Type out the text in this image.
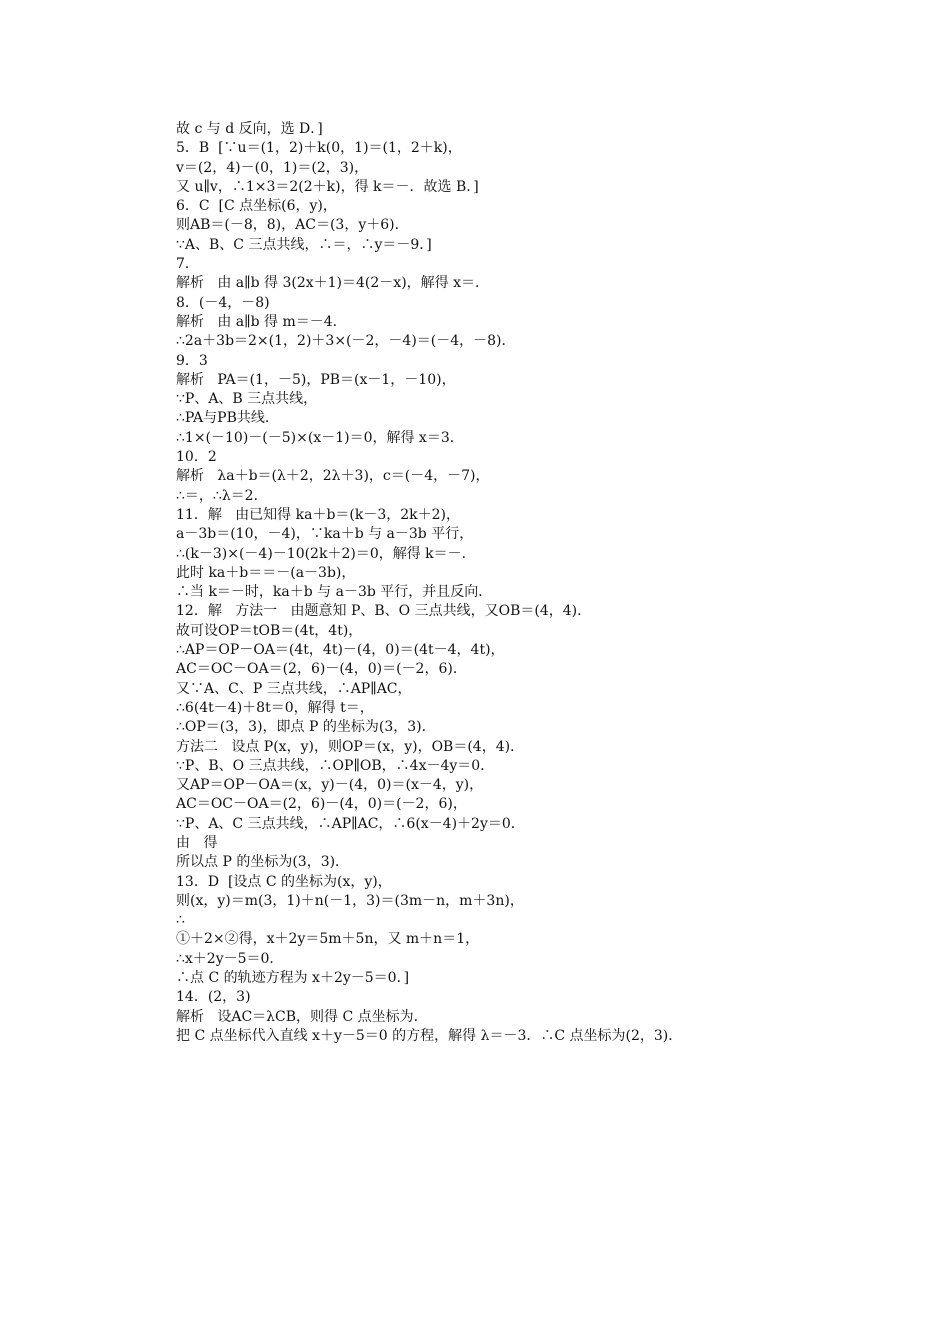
故 c 与 d 反向，选 D．]
5．B  [∵u＝(1，2)＋k(0，1)＝(1，2＋k)，
v＝(2，4)－(0，1)＝(2，3)，
又 u∥v，∴1×3＝2(2＋k)，得 k＝－．故选 B．]
6．C  [C 点坐标(6，y)，
则AB＝(－8，8)，AC＝(3，y＋6)．
∵A、B、C 三点共线，∴＝，∴y＝－9．]
7．
解析   由 a∥b 得 3(2x＋1)＝4(2－x)，解得 x＝．
8．(－4，－8)
解析   由 a∥b 得 m＝－4．
∴2a＋3b＝2×(1，2)＋3×(－2，－4)＝(－4，－8)．
9．3
解析   PA＝(1，－5)，PB＝(x－1，－10)，
∵P、A、B 三点共线，
∴PA与PB共线．
∴1×(－10)－(－5)×(x－1)＝0，解得 x＝3．
10．2
解析   λa＋b＝(λ＋2，2λ＋3)，c＝(－4，－7)，
∴＝，∴λ＝2．
11．解   由已知得 ka＋b＝(k－3，2k＋2)，
a－3b＝(10，－4)，∵ka＋b 与 a－3b 平行，
∴(k－3)×(－4)－10(2k＋2)＝0，解得 k＝－．
此时 ka＋b＝＝－(a－3b)，
∴当 k＝－时，ka＋b 与 a－3b 平行，并且反向．
12．解   方法一   由题意知 P、B、O 三点共线，又OB＝(4，4)．
故可设OP＝tOB＝(4t，4t)，
∴AP＝OP－OA＝(4t，4t)－(4，0)＝(4t－4，4t)，
AC＝OC－OA＝(2，6)－(4，0)＝(－2，6)．
又∵A、C、P 三点共线，∴AP∥AC，
∴6(4t－4)＋8t＝0，解得 t＝，
∴OP＝(3，3)，即点 P 的坐标为(3，3)．
方法二   设点 P(x，y)，则OP＝(x，y)，OB＝(4，4)．
∵P、B、O 三点共线，∴OP∥OB，∴4x－4y＝0．
又AP＝OP－OA＝(x，y)－(4，0)＝(x－4，y)，
AC＝OC－OA＝(2，6)－(4，0)＝(－2，6)，
∵P、A、C 三点共线，∴AP∥AC，∴6(x－4)＋2y＝0．
由   得
所以点 P 的坐标为(3，3)．
13．D  [设点 C 的坐标为(x，y)，
则(x，y)＝m(3，1)＋n(－1，3)＝(3m－n，m＋3n)，
∴
①＋2×②得，x＋2y＝5m＋5n，又 m＋n＝1，
∴x＋2y－5＝0．
∴点 C 的轨迹方程为 x＋2y－5＝0．]
14．(2，3)
解析   设AC＝λCB，则得 C 点坐标为．
把 C 点坐标代入直线 x＋y－5＝0 的方程，解得 λ＝－3．∴C 点坐标为(2，3)．
